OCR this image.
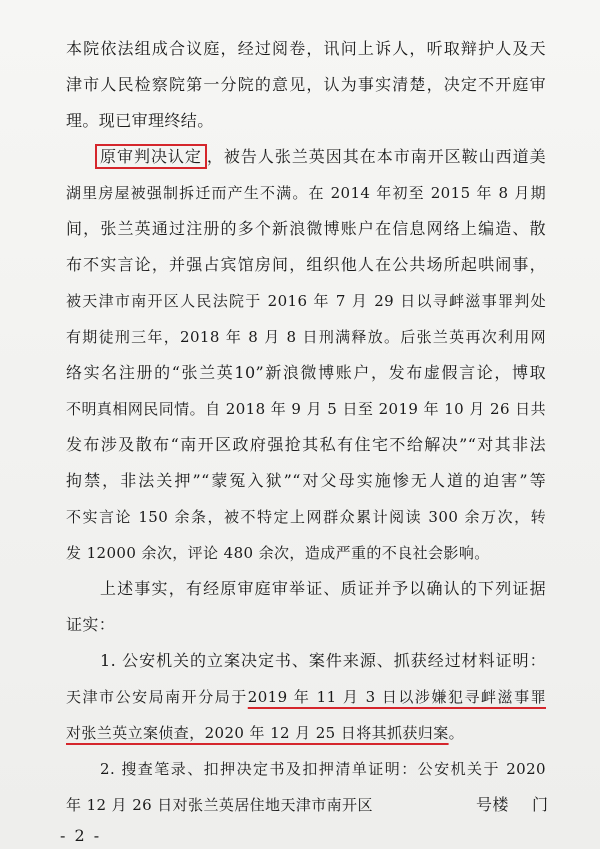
本院依法组成合议庭，经过阅卷，讯问上诉人，听取辩护人及天
津市人民检察院第一分院的意见，认为事实清楚，决定不开庭审
理。现已审理终结。
原审判决认定 ，被告人张兰英因其在本市南开区鞍山西道美
湖里房屋被强制拆迁而产生不满。在 2014 年初至 2015 年 8 月期
间，张兰英通过注册的多个新浪微博账户在信息网络上编造、散
布不实言论，并强占宾馆房间，组织他人在公共场所起哄闹事，
被天津市南开区人民法院于 2016 年 7 月 29 日以寻衅滋事罪判处
有期徒刑三年，2018 年 8 月 8 日刑满释放。后张兰英再次利用网
络实名注册的“张兰英10”新浪微博账户，发布虚假言论，博取
不明真相网民同情。自 2018 年 9 月 5 日至 2019 年 10 月 26 日共
发布涉及散布“南开区政府强抢其私有住宅不给解决”“对其非法
拘禁，非法关押”“蒙冤入狱”“对父母实施惨无人道的迫害”等
不实言论 150 余条，被不特定上网群众累计阅读 300 余万次，转
发 12000 余次，评论 480 余次，造成严重的不良社会影响。
上述事实，有经原审庭审举证、质证并予以确认的下列证据
证实：
1. 公安机关的立案决定书、案件来源、抓获经过材料证明：
天津市公安局南开分局于2019 年 11 月 3 日以涉嫌犯寻衅滋事罪
对张兰英立案侦查，2020 年 12 月 25 日将其抓获归案。
2. 搜查笔录、扣押决定书及扣押清单证明：公安机关于 2020
年 12 月 26 日对张兰英居住地天津市南开区	号楼	门
- 2 -
